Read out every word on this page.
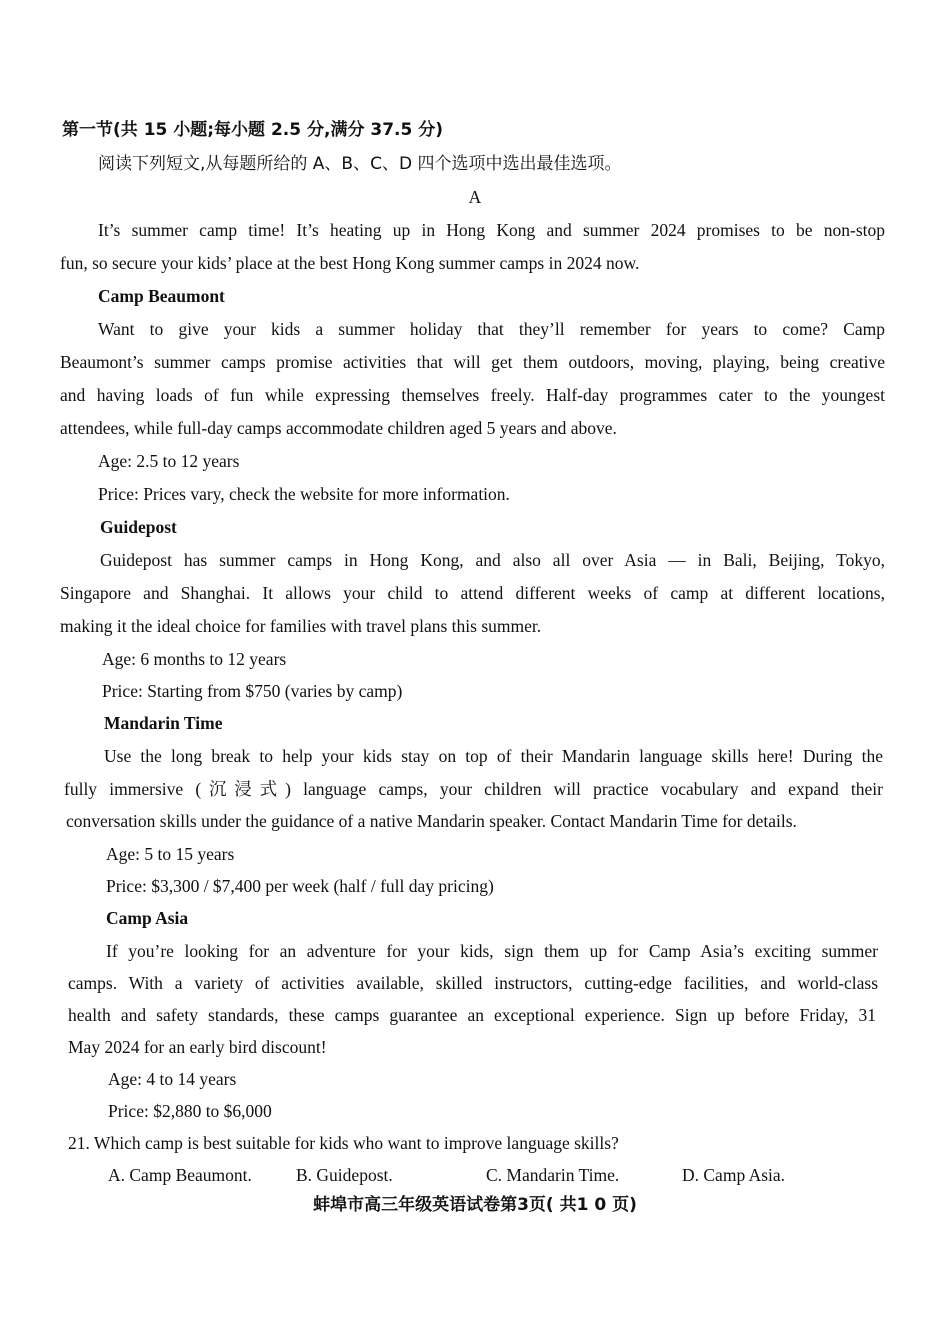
第一节(共 15 小题;每小题 2.5 分,满分 37.5 分)
阅读下列短文,从每题所给的 A、B、C、D 四个选项中选出最佳选项。
A
It’s summer camp time! It’s heating up in Hong Kong and summer 2024 promises to be non-stop
fun, so secure your kids’ place at the best Hong Kong summer camps in 2024 now.
Camp Beaumont
Want to give your kids a summer holiday that they’ll remember for years to come? Camp
Beaumont’s summer camps promise activities that will get them outdoors, moving, playing, being creative
and having loads of fun while expressing themselves freely. Half-day programmes cater to the youngest
attendees, while full-day camps accommodate children aged 5 years and above.
Age: 2.5 to 12 years
Price: Prices vary, check the website for more information.
Guidepost
Guidepost has summer camps in Hong Kong, and also all over Asia — in Bali, Beijing, Tokyo,
Singapore and Shanghai. It allows your child to attend different weeks of camp at different locations,
making it the ideal choice for families with travel plans this summer.
Age: 6 months to 12 years
Price: Starting from $750 (varies by camp)
Mandarin Time
Use the long break to help your kids stay on top of their Mandarin language skills here! During the
fully immersive (沉浸式) language camps, your children will practice vocabulary and expand their
conversation skills under the guidance of a native Mandarin speaker. Contact Mandarin Time for details.
Age: 5 to 15 years
Price: $3,300 / $7,400 per week (half / full day pricing)
Camp Asia
If you’re looking for an adventure for your kids, sign them up for Camp Asia’s exciting summer
camps. With a variety of activities available, skilled instructors, cutting-edge facilities, and world-class
health and safety standards, these camps guarantee an exceptional experience. Sign up before Friday, 31
May 2024 for an early bird discount!
Age: 4 to 14 years
Price: $2,880 to $6,000
21. Which camp is best suitable for kids who want to improve language skills?
A. Camp Beaumont.	B. Guidepost.	C. Mandarin Time.	D. Camp Asia.
蚌埠市高三年级英语试卷第3页( 共1 0 页)
